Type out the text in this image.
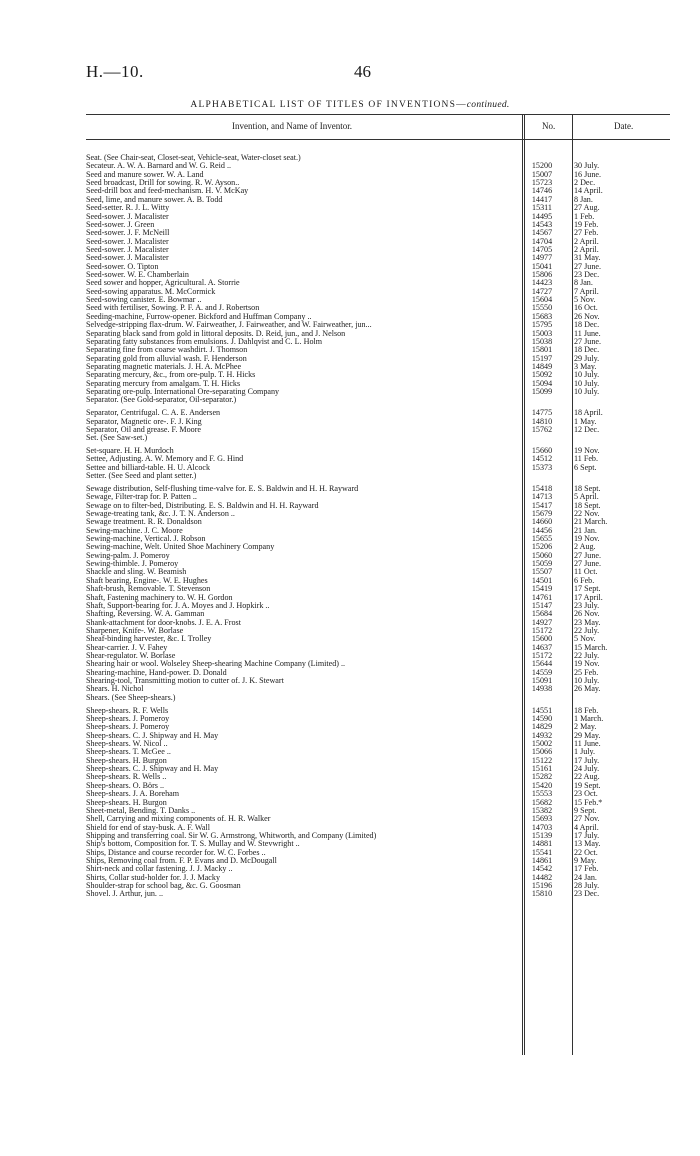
H.—10.	46
ALPHABETICAL LIST OF TITLES OF INVENTIONS—continued.
Invention, and Name of Inventor.	No.	Date.
Seat. (See Chair-seat, Closet-seat, Vehicle-seat, Water-closet seat.)
Secateur. A. W. A. Barnard and W. G. Reid ..	15200	30 July.
Seed and manure sower. W. A. Land	15007	16 June.
Seed broadcast, Drill for sowing. R. W. Ayson..	15723	2 Dec.
Seed-drill box and feed-mechanism. H. V. McKay	14746	14 April.
Seed, lime, and manure sower. A. B. Todd	14417	8 Jan.
Seed-setter. R. J. L. Witty	15311	27 Aug.
Seed-sower. J. Macalister	14495	1 Feb.
Seed-sower. J. Green	14543	19 Feb.
Seed-sower. J. F. McNeill	14567	27 Feb.
Seed-sower. J. Macalister	14704	2 April.
Seed-sower. J. Macalister	14705	2 April.
Seed-sower. J. Macalister	14977	31 May.
Seed-sower. O. Tipton	15041	27 June.
Seed-sower. W. E. Chamberlain	15806	23 Dec.
Seed sower and hopper, Agricultural. A. Storrie	14423	8 Jan.
Seed-sowing apparatus. M. McCormick	14727	7 April.
Seed-sowing canister. E. Bowmar ..	15604	5 Nov.
Seed with fertiliser, Sowing. P. F. A. and J. Robertson	15550	16 Oct.
Seeding-machine, Furrow-opener. Bickford and Huffman Company ..	15683	26 Nov.
Selvedge-stripping flax-drum. W. Fairweather, J. Fairweather, and W. Fairweather, jun...	15795	18 Dec.
Separating black sand from gold in littoral deposits. D. Reid, jun., and J. Nelson	15003	11 June.
Separating fatty substances from emulsions. J. Dahlqvist and C. L. Holm	15038	27 June.
Separating fine from coarse washdirt. J. Thomson	15801	18 Dec.
Separating gold from alluvial wash. F. Henderson	15197	29 July.
Separating magnetic materials. J. H. A. McPhee	14849	3 May.
Separating mercury, &c., from ore-pulp. T. H. Hicks	15092	10 July.
Separating mercury from amalgam. T. H. Hicks	15094	10 July.
Separating ore-pulp. International Ore-separating Company	15099	10 July.
Separator. (See Gold-separator, Oil-separator.)
Separator, Centrifugal. C. A. E. Andersen	14775	18 April.
Separator, Magnetic ore-. F. J. King	14810	1 May.
Separator, Oil and grease. F. Moore	15762	12 Dec.
Set. (See Saw-set.)
Set-square. H. H. Murdoch	15660	19 Nov.
Settee, Adjusting. A. W. Memory and F. G. Hind	14512	11 Feb.
Settee and billiard-table. H. U. Alcock	15373	6 Sept.
Setter. (See Seed and plant setter.)
Sewage distribution, Self-flushing time-valve for. E. S. Baldwin and H. H. Rayward	15418	18 Sept.
Sewage, Filter-trap for. P. Patten ..	14713	5 April.
Sewage on to filter-bed, Distributing. E. S. Baldwin and H. H. Rayward	15417	18 Sept.
Sewage-treating tank, &c. J. T. N. Anderson ..	15679	22 Nov.
Sewage treatment. R. R. Donaldson	14660	21 March.
Sewing-machine. J. C. Moore	14456	21 Jan.
Sewing-machine, Vertical. J. Robson	15655	19 Nov.
Sewing-machine, Welt. United Shoe Machinery Company	15206	2 Aug.
Sewing-palm. J. Pomeroy	15060	27 June.
Sewing-thimble. J. Pomeroy	15059	27 June.
Shackle and sling. W. Beamish	15507	11 Oct.
Shaft bearing, Engine-. W. E. Hughes	14501	6 Feb.
Shaft-brush, Removable. T. Stevenson	15419	17 Sept.
Shaft, Fastening machinery to. W. H. Gordon	14761	17 April.
Shaft, Support-bearing for. J. A. Moyes and J. Hopkirk ..	15147	23 July.
Shafting, Reversing. W. A. Gamman	15684	26 Nov.
Shank-attachment for door-knobs. J. E. A. Frost	14927	23 May.
Sharpener, Knife-. W. Borlase	15172	22 July.
Sheaf-binding harvester, &c. I. Trolley	15600	5 Nov.
Shear-carrier. J. V. Fahey	14637	15 March.
Shear-regulator. W. Borlase	15172	22 July.
Shearing hair or wool. Wolseley Sheep-shearing Machine Company (Limited) ..	15644	19 Nov.
Shearing-machine, Hand-power. D. Donald	14559	25 Feb.
Shearing-tool, Transmitting motion to cutter of. J. K. Stewart	15091	10 July.
Shears. H. Nichol	14938	26 May.
Shears. (See Sheep-shears.)
Sheep-shears. R. F. Wells	14551	18 Feb.
Sheep-shears. J. Pomeroy	14590	1 March.
Sheep-shears. J. Pomeroy	14829	2 May.
Sheep-shears. C. J. Shipway and H. May	14932	29 May.
Sheep-shears. W. Nicol ..	15002	11 June.
Sheep-shears. T. McGee ..	15066	1 July.
Sheep-shears. H. Burgon	15122	17 July.
Sheep-shears. C. J. Shipway and H. May	15161	24 July.
Sheep-shears. R. Wells ..	15282	22 Aug.
Sheep-shears. O. Börs ..	15420	19 Sept.
Sheep-shears. J. A. Boreham	15553	23 Oct.
Sheep-shears. H. Burgon	15682	15 Feb.*
Sheet-metal, Bending. T. Danks ..	15382	9 Sept.
Shell, Carrying and mixing components of. H. R. Walker	15693	27 Nov.
Shield for end of stay-busk. A. F. Wall	14703	4 April.
Shipping and transferring coal. Sir W. G. Armstrong, Whitworth, and Company (Limited)	15139	17 July.
Ship's bottom, Composition for. T. S. Mullay and W. Stevwright ..	14881	13 May.
Ships, Distance and course recorder for. W. C. Forbes ..	15541	22 Oct.
Ships, Removing coal from. F. P. Evans and D. McDougall	14861	9 May.
Shirt-neck and collar fastening. J. J. Macky ..	14542	17 Feb.
Shirts, Collar stud-holder for. J. J. Macky	14482	24 Jan.
Shoulder-strap for school bag, &c. G. Goosman	15196	28 July.
Shovel. J. Arthur, jun. ..	15810	23 Dec.
